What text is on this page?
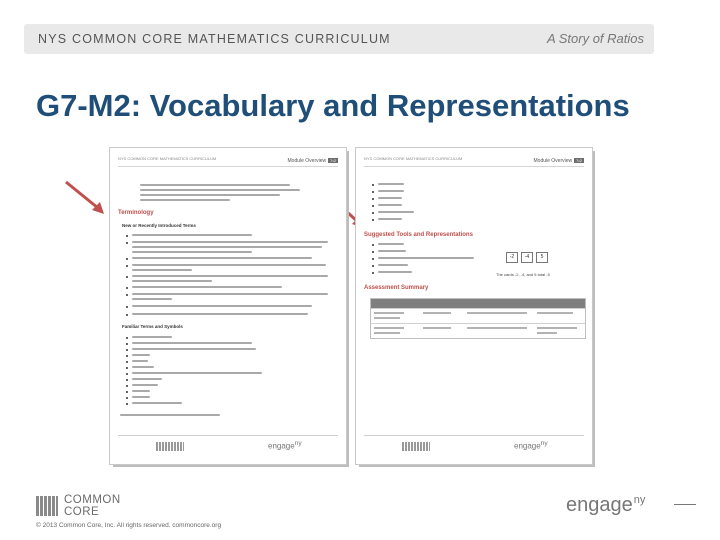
NYS COMMON CORE MATHEMATICS CURRICULUM	A Story of Ratios
G7-M2: Vocabulary and Representations
NYS COMMON CORE MATHEMATICS CURRICULUM	Module Overview 7•2
Terminology
New or Recently Introduced Terms
Familiar Terms and Symbols
engage$^{ny}$
NYS COMMON CORE MATHEMATICS CURRICULUM	Module Overview 7•2
Suggested Tools and Representations
-2	-4	5
The cards -2, -4, and 5 total -5
Assessment Summary
engage$^{ny}$
COMMON
CORE
© 2013 Common Core, Inc. All rights reserved. commoncore.org
engage$^{ny}$
